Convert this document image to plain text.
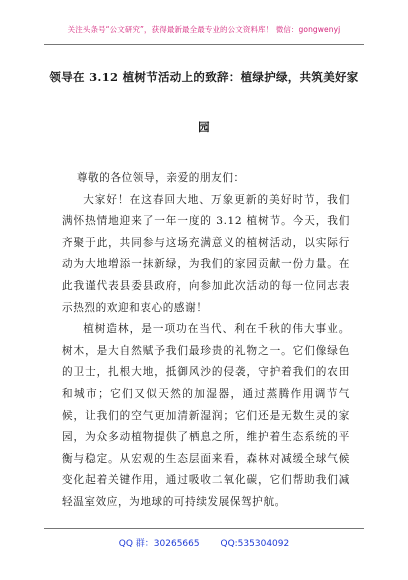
关注头条号“公文研究”，获得最新最全最专业的公文资料库！ 微信：gongwenyj
领导在 3.12 植树节活动上的致辞：植绿护绿，共筑美好家
园

尊敬的各位领导，亲爱的朋友们：

大家好！在这春回大地、万象更新的美好时节，我们满怀热情地迎来了一年一度的 3.12 植树节。今天，我们齐聚于此，共同参与这场充满意义的植树活动，以实际行动为大地增添一抹新绿，为我们的家园贡献一份力量。在此我谨代表县委县政府，向参加此次活动的每一位同志表示热烈的欢迎和衷心的感谢！

植树造林，是一项功在当代、利在千秋的伟大事业。树木，是大自然赋予我们最珍贵的礼物之一。它们像绿色的卫士，扎根大地，抵御风沙的侵袭，守护着我们的农田和城市；它们又似天然的加湿器，通过蒸腾作用调节气候，让我们的空气更加清新湿润；它们还是无数生灵的家园，为众多动植物提供了栖息之所，维护着生态系统的平衡与稳定。从宏观的生态层面来看，森林对减缓全球气候变化起着关键作用，通过吸收二氧化碳，它们帮助我们减轻温室效应，为地球的可持续发展保驾护航。

QQ 群：30265665 QQ:535304092
